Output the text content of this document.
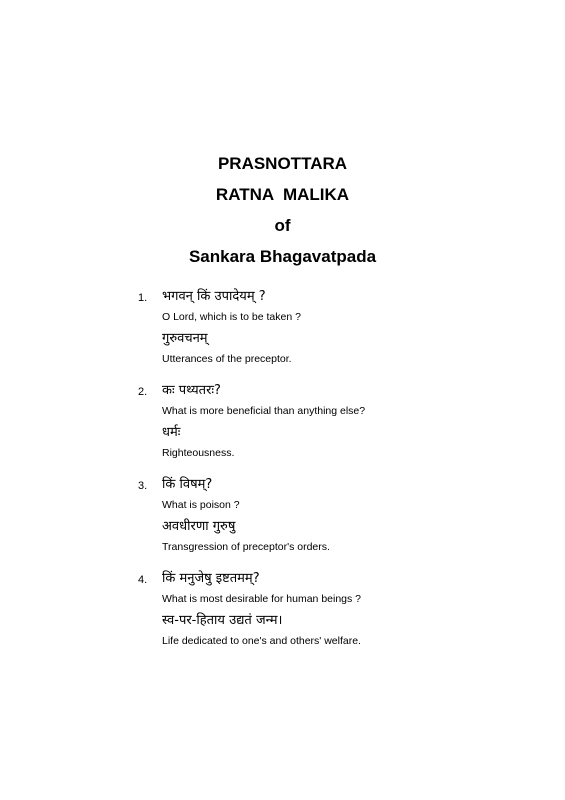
PRASNOTTARA
RATNA  MALIKA
of
Sankara Bhagavatpada
1. भगवन् किं उपादेयम् ?
O Lord, which is to be taken ?
गुरुवचनम्
Utterances of the preceptor.
2. कः पथ्यतरः?
What is more beneficial than anything else?
धर्मः
Righteousness.
3. किं विषम्?
What is poison ?
अवधीरणा गुरुषु
Transgression of preceptor's orders.
4. किं मनुजेषु इष्टतमम्?
What is most desirable for human beings ?
स्व-पर-हिताय उद्यतं जन्म।
Life dedicated to one's and others' welfare.
